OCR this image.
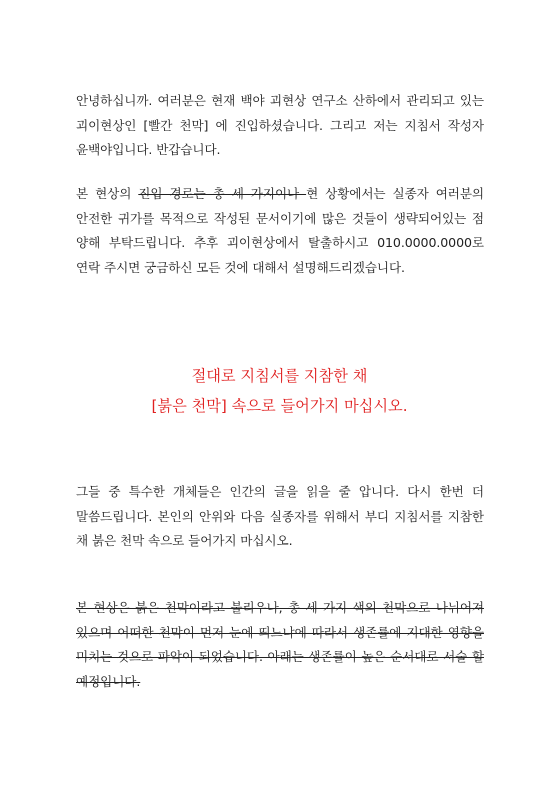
안녕하십니까. 여러분은 현재 백야 괴현상 연구소 산하에서 관리되고 있는 괴이현상인 [빨간 천막] 에 진입하셨습니다. 그리고 저는 지침서 작성자 윤백야입니다. 반갑습니다.

본 현상의 진입 경로는 총 세 가지이나 현 상황에서는 실종자 여러분의 안전한 귀가를 목적으로 작성된 문서이기에 많은 것들이 생략되어있는 점 양해 부탁드립니다. 추후 괴이현상에서 탈출하시고 010.0000.0000로 연락 주시면 궁금하신 모든 것에 대해서 설명해드리겠습니다.

절대로 지침서를 지참한 채
[붉은 천막] 속으로 들어가지 마십시오.

그들 중 특수한 개체들은 인간의 글을 읽을 줄 압니다. 다시 한번 더 말씀드립니다. 본인의 안위와 다음 실종자를 위해서 부디 지침서를 지참한 채 붉은 천막 속으로 들어가지 마십시오.

본 현상은 붉은 천막이라고 불리우나, 총 세 가지 색의 천막으로 나뉘어져 있으며 어떠한 천막이 먼저 눈에 띄느냐에 따라서 생존률에 지대한 영향을 미치는 것으로 파악이 되었습니다. 아래는 생존률이 높은 순서대로 서술 할 예정입니다.
